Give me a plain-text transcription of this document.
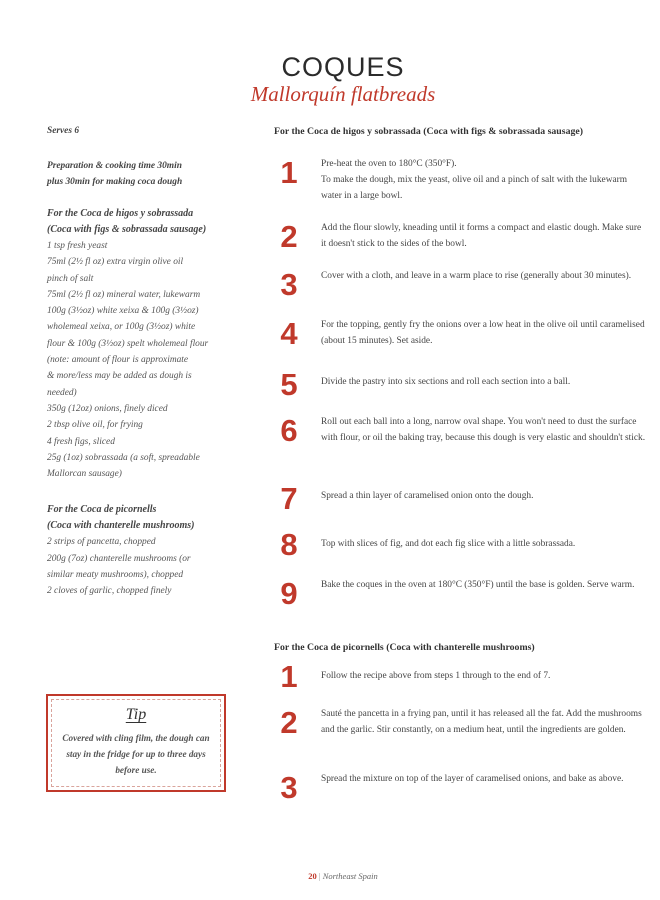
COQUES
Mallorquín flatbreads

Serves 6

Preparation & cooking time 30min
plus 30min for making coca dough

For the Coca de higos y sobrassada
(Coca with figs & sobrassada sausage)

1 tsp fresh yeast
75ml (2½ fl oz) extra virgin olive oil
pinch of salt
75ml (2½ fl oz) mineral water, lukewarm
100g (3½oz) white xeixa & 100g (3½oz)
wholemeal xeixa, or 100g (3½oz) white
flour & 100g (3½oz) spelt wholemeal flour
(note: amount of flour is approximate
& more/less may be added as dough is
needed)
350g (12oz) onions, finely diced
2 tbsp olive oil, for frying
4 fresh figs, sliced
25g (1oz) sobrassada (a soft, spreadable
Mallorcan sausage)

For the Coca de picornells
(Coca with chanterelle mushrooms)

2 strips of pancetta, chopped
200g (7oz) chanterelle mushrooms (or
similar meaty mushrooms), chopped
2 cloves of garlic, chopped finely
Tip
Covered with cling film, the dough can stay in the fridge for up to three days before use.

For the Coca de higos y sobrassada (Coca with figs & sobrassada sausage)

1	Pre-heat the oven to 180°C (350°F).
To make the dough, mix the yeast, olive oil and a pinch of salt with the lukewarm water in a large bowl.
2	Add the flour slowly, kneading until it forms a compact and elastic dough. Make sure it doesn't stick to the sides of the bowl.
3	Cover with a cloth, and leave in a warm place to rise (generally about 30 minutes).
4	For the topping, gently fry the onions over a low heat in the olive oil until caramelised (about 15 minutes). Set aside.
5	Divide the pastry into six sections and roll each section into a ball.
6	Roll out each ball into a long, narrow oval shape. You won't need to dust the surface with flour, or oil the baking tray, because this dough is very elastic and shouldn't stick.
7	Spread a thin layer of caramelised onion onto the dough.
8	Top with slices of fig, and dot each fig slice with a little sobrassada.
9	Bake the coques in the oven at 180°C (350°F) until the base is golden. Serve warm.

For the Coca de picornells (Coca with chanterelle mushrooms)

1	Follow the recipe above from steps 1 through to the end of 7.
2	Sauté the pancetta in a frying pan, until it has released all the fat. Add the mushrooms and the garlic. Stir constantly, on a medium heat, until the ingredients are golden.
3	Spread the mixture on top of the layer of caramelised onions, and bake as above.
20 | Northeast Spain
